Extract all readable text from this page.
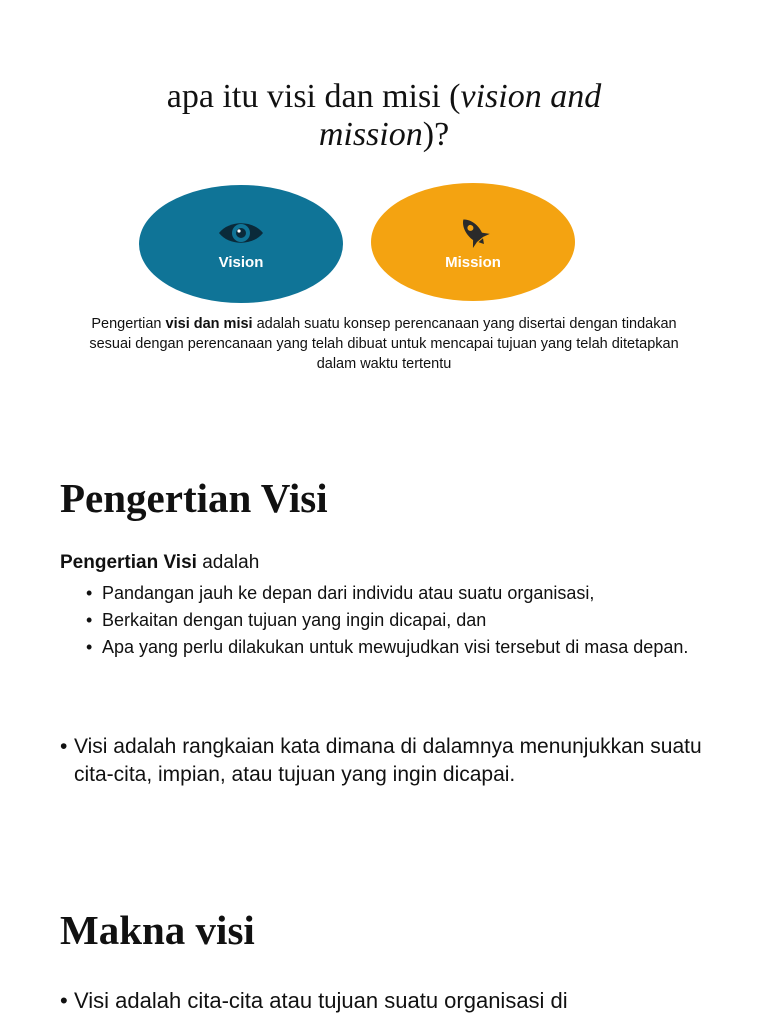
apa itu visi dan misi (vision and
mission)?
Vision	Mission

Pengertian visi dan misi adalah suatu konsep perencanaan yang disertai dengan tindakan sesuai dengan perencanaan yang telah dibuat untuk mencapai tujuan yang telah ditetapkan dalam waktu tertentu

Pengertian Visi
Pengertian Visi adalah
• Pandangan jauh ke depan dari individu atau suatu organisasi,
• Berkaitan dengan tujuan yang ingin dicapai, dan
• Apa yang perlu dilakukan untuk mewujudkan visi tersebut di masa depan.
• Visi adalah rangkaian kata dimana di dalamnya menunjukkan suatu cita-cita, impian, atau tujuan yang ingin dicapai.
Makna visi
• Visi adalah cita-cita atau tujuan suatu organisasi di
